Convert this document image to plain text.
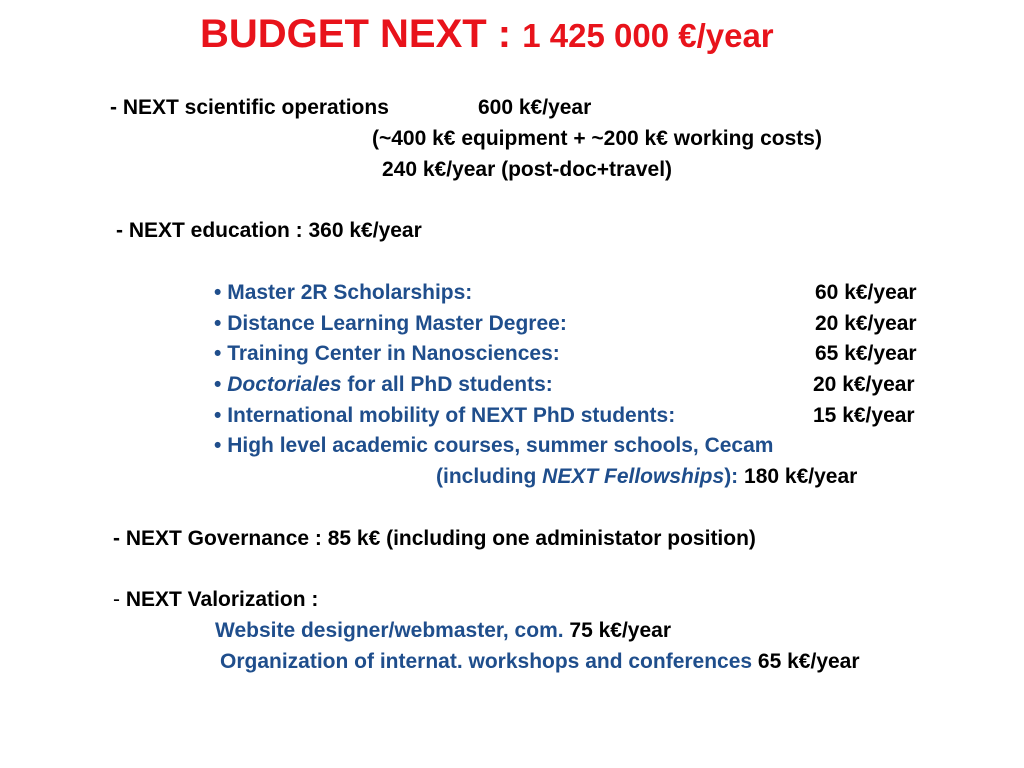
BUDGET NEXT : 1 425 000 €/year
- NEXT scientific operations	600 k€/year
(~400 k€ equipment + ~200 k€ working costs)
240 k€/year (post-doc+travel)
- NEXT education : 360 k€/year
• Master 2R Scholarships:	60 k€/year
• Distance Learning Master Degree:	20 k€/year
• Training Center in Nanosciences:	65 k€/year
• Doctoriales for all PhD students:	20 k€/year
• International mobility of NEXT PhD students:	15 k€/year
• High level academic courses, summer schools, Cecam
(including NEXT Fellowships): 180 k€/year
- NEXT Governance : 85 k€ (including one administator position)
- NEXT Valorization :
Website designer/webmaster, com. 75 k€/year
Organization of internat. workshops and conferences 65 k€/year
